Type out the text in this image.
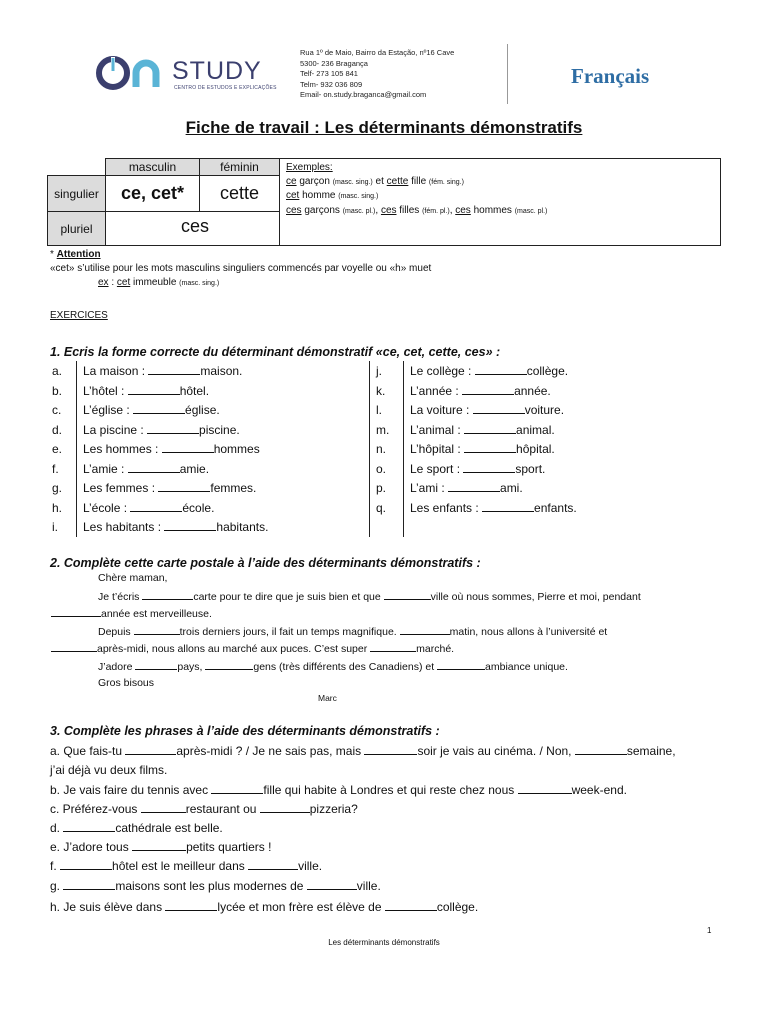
STUDY
CENTRO DE ESTUDOS E EXPLICAÇÕES
Rua 1º de Maio, Bairro da Estação, nº16 Cave
5300- 236 Bragança
Telf- 273 105 841
Telm- 932 036 809
Email- on.study.braganca@gmail.com
Français
Fiche de travail : Les déterminants démonstratifs
masculin	féminin
singulier	ce, cet*	cette
pluriel	ces
Exemples:
ce garçon (masc. sing.) et cette fille (fém. sing.)
cet homme (masc. sing.)
ces garçons (masc. pl.), ces filles (fém. pl.), ces hommes (masc. pl.)
* Attention
«cet» s’utilise pour les mots masculins singuliers commencés par voyelle ou «h» muet
ex : cet immeuble (masc. sing.)
EXERCICES
1. Ecris la forme correcte du déterminant démonstratif «ce, cet, cette, ces» :
a. La maison :	maison.
b. L’hôtel :	hôtel.
c. L’église :	église.
d. La piscine :	piscine.
e. Les hommes :	hommes
f. L’amie :	amie.
g. Les femmes :	femmes.
h. L’école :	école.
i. Les habitants :	habitants.
j. Le collège :	collège.
k. L’année :	année.
l. La voiture :	voiture.
m. L’animal :	animal.
n. L’hôpital :	hôpital.
o. Le sport :	sport.
p. L’ami :	ami.
q. Les enfants :	enfants.
2. Complète cette carte postale à l’aide des déterminants démonstratifs :
Chère maman,
Je t’écris	carte pour te dire que je suis bien et que	ville où nous sommes, Pierre et moi, pendant
année est merveilleuse.
Depuis	trois derniers jours, il fait un temps magnifique.	matin, nous allons à l’université et
après-midi, nous allons au marché aux puces. C’est super	marché.
J’adore	pays,	gens (très différents des Canadiens) et	ambiance unique.
Gros bisous
Marc
3. Complète les phrases à l’aide des déterminants démonstratifs :
a. Que fais-tu	après-midi ? / Je ne sais pas, mais	soir je vais au cinéma. / Non,	semaine,
j’ai déjà vu deux films.
b. Je vais faire du tennis avec	fille qui habite à Londres et qui reste chez nous	week-end.
c. Préférez-vous	restaurant ou	pizzeria?
d.	cathédrale est belle.
e. J’adore tous	petits quartiers !
f.	hôtel est le meilleur dans	ville.
g.	maisons sont les plus modernes de	ville.
h. Je suis élève dans	lycée et mon frère est élève de	collège.
1
Les déterminants démonstratifs
